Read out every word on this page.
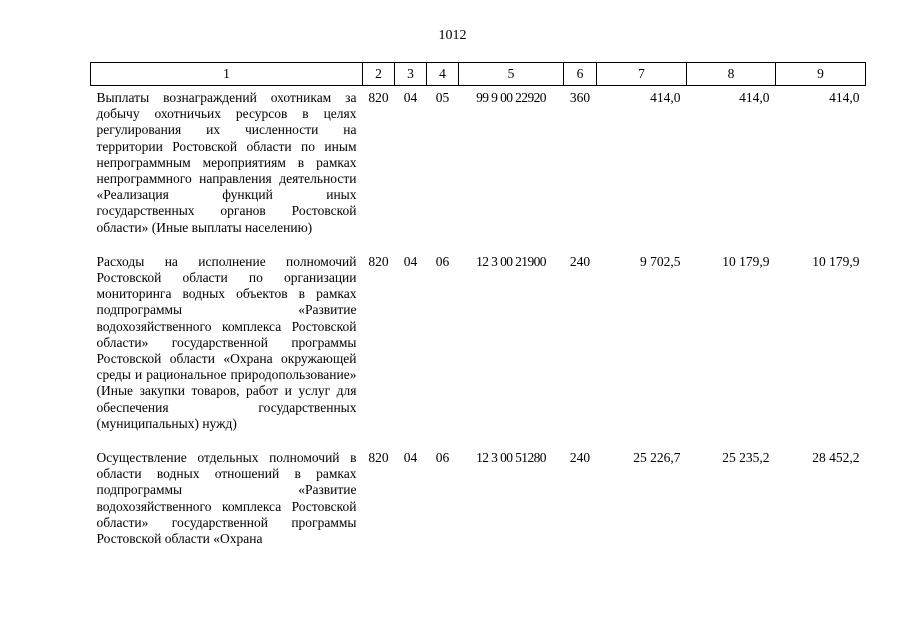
1012
1	2	3	4	5	6	7	8	9
Выплаты вознаграждений охотникам за добычу охотничьих ресурсов в целях регулирования их численности на территории Ростовской области по иным непрограммным мероприятиям в рамках непрограммного направления деятельности «Реализация функций иных государственных органов Ростовской области» (Иные выплаты населению)	820	04	05	99 9 00 22920	360	414,0	414,0	414,0
Расходы на исполнение полномочий Ростовской области по организации мониторинга водных объектов в рамках подпрограммы «Развитие водохозяйственного комплекса Ростовской области» государственной программы Ростовской области «Охрана окружающей среды и рациональное природопользование» (Иные закупки товаров, работ и услуг для обеспечения государственных (муниципальных) нужд)	820	04	06	12 3 00 21900	240	9 702,5	10 179,9	10 179,9
Осуществление отдельных полномочий в области водных отношений в рамках подпрограммы «Развитие водохозяйственного комплекса Ростовской области» государственной программы Ростовской области «Охрана	820	04	06	12 3 00 51280	240	25 226,7	25 235,2	28 452,2
